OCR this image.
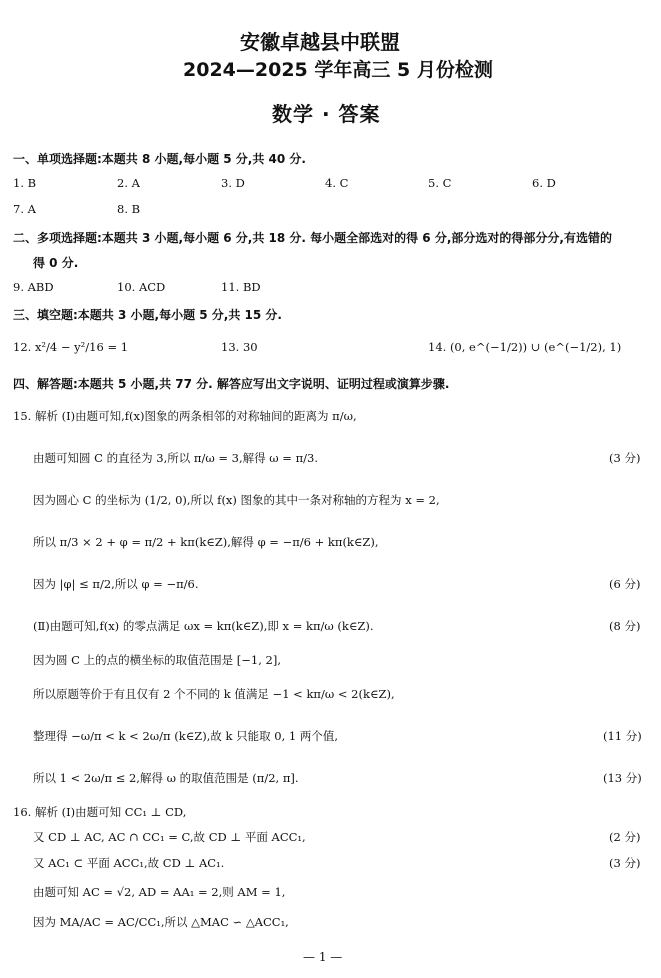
安徽卓越县中联盟
2024—2025 学年高三 5 月份检测
数学 · 答案
一、单项选择题:本题共 8 小题,每小题 5 分,共 40 分.
1. B	2. A	3. D	4. C	5. C	6. D
7. A	8. B
二、多项选择题:本题共 3 小题,每小题 6 分,共 18 分. 每小题全部选对的得 6 分,部分选对的得部分分,有选错的
得 0 分.
9. ABD	10. ACD	11. BD
三、填空题:本题共 3 小题,每小题 5 分,共 15 分.
12. x²/4 − y²/16 = 1	13. 30	14. (0, e^(−1/2)) ∪ (e^(−1/2), 1)
四、解答题:本题共 5 小题,共 77 分. 解答应写出文字说明、证明过程或演算步骤.
15. 解析 (Ⅰ)由题可知,f(x)图象的两条相邻的对称轴间的距离为 π/ω,
由题可知圆 C 的直径为 3,所以 π/ω = 3,解得 ω = π/3.	(3 分)
因为圆心 C 的坐标为 (1/2, 0),所以 f(x) 图象的其中一条对称轴的方程为 x = 2,
所以 π/3 × 2 + φ = π/2 + kπ(k∈Z),解得 φ = −π/6 + kπ(k∈Z),
因为 |φ| ≤ π/2,所以 φ = −π/6.	(6 分)
(Ⅱ)由题可知,f(x) 的零点满足 ωx = kπ(k∈Z),即 x = kπ/ω (k∈Z).	(8 分)
因为圆 C 上的点的横坐标的取值范围是 [−1, 2],
所以原题等价于有且仅有 2 个不同的 k 值满足 −1 < kπ/ω < 2(k∈Z),
整理得 −ω/π < k < 2ω/π (k∈Z),故 k 只能取 0, 1 两个值,	(11 分)
所以 1 < 2ω/π ≤ 2,解得 ω 的取值范围是 (π/2, π].	(13 分)
16. 解析 (Ⅰ)由题可知 CC₁ ⊥ CD,
又 CD ⊥ AC, AC ∩ CC₁ = C,故 CD ⊥ 平面 ACC₁,	(2 分)
又 AC₁ ⊂ 平面 ACC₁,故 CD ⊥ AC₁.	(3 分)
由题可知 AC = √2, AD = AA₁ = 2,则 AM = 1,
因为 MA/AC = AC/CC₁,所以 △MAC ∽ △ACC₁,
— 1 —
